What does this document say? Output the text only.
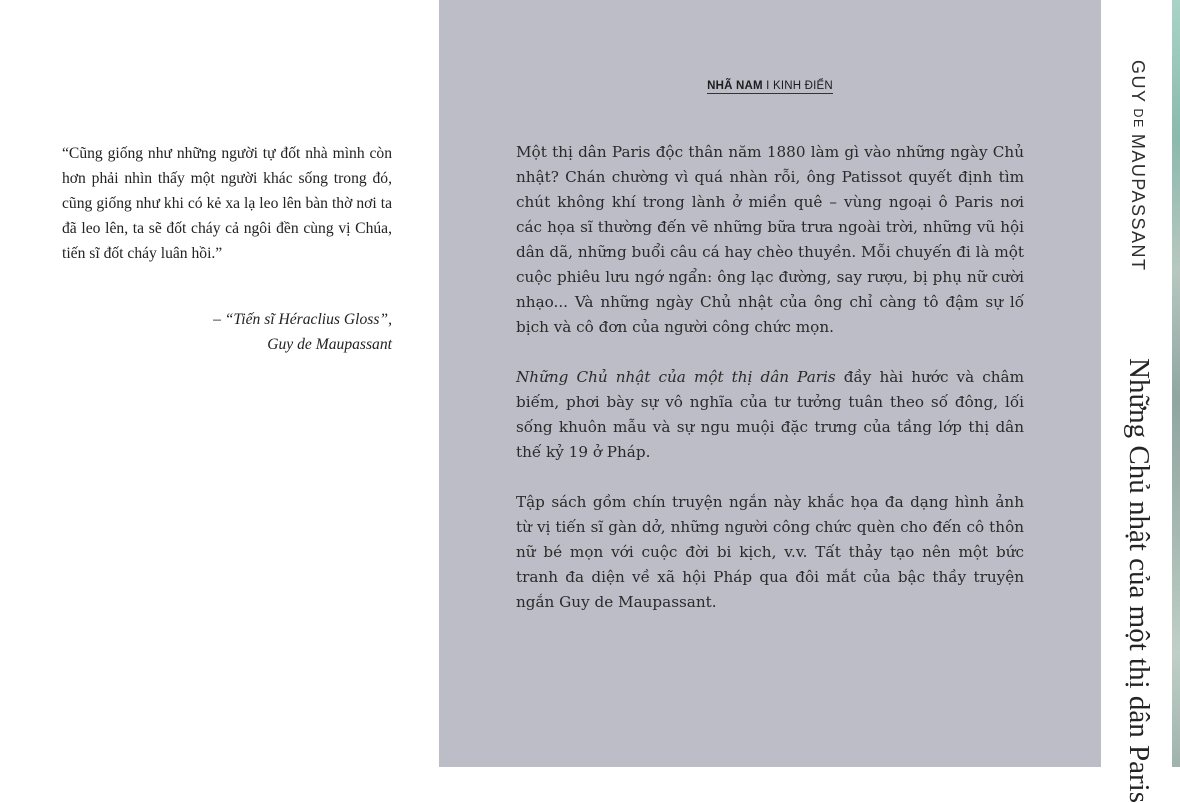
“Cũng giống như những người tự đốt nhà mình còn hơn phải nhìn thấy một người khác sống trong đó, cũng giống như khi có kẻ xa lạ leo lên bàn thờ nơi ta đã leo lên, ta sẽ đốt cháy cả ngôi đền cùng vị Chúa, tiến sĩ đốt cháy luân hồi.”
– “Tiến sĩ Héraclius Gloss”,
Guy de Maupassant
NHÃ NAM I KINH ĐIỂN

Một thị dân Paris độc thân năm 1880 làm gì vào những ngày Chủ nhật? Chán chường vì quá nhàn rỗi, ông Patissot quyết định tìm chút không khí trong lành ở miền quê – vùng ngoại ô Paris nơi các họa sĩ thường đến vẽ những bữa trưa ngoài trời, những vũ hội dân dã, những buổi câu cá hay chèo thuyền. Mỗi chuyến đi là một cuộc phiêu lưu ngớ ngẩn: ông lạc đường, say rượu, bị phụ nữ cười nhạo... Và những ngày Chủ nhật của ông chỉ càng tô đậm sự lố bịch và cô đơn của người công chức mọn.

Những Chủ nhật của một thị dân Paris đầy hài hước và châm biếm, phơi bày sự vô nghĩa của tư tưởng tuân theo số đông, lối sống khuôn mẫu và sự ngu muội đặc trưng của tầng lớp thị dân thế kỷ 19 ở Pháp.

Tập sách gồm chín truyện ngắn này khắc họa đa dạng hình ảnh từ vị tiến sĩ gàn dở, những người công chức quèn cho đến cô thôn nữ bé mọn với cuộc đời bi kịch, v.v. Tất thảy tạo nên một bức tranh đa diện về xã hội Pháp qua đôi mắt của bậc thầy truyện ngắn Guy de Maupassant.

GUY DE MAUPASSANT
Những Chủ nhật của một thị dân Paris
